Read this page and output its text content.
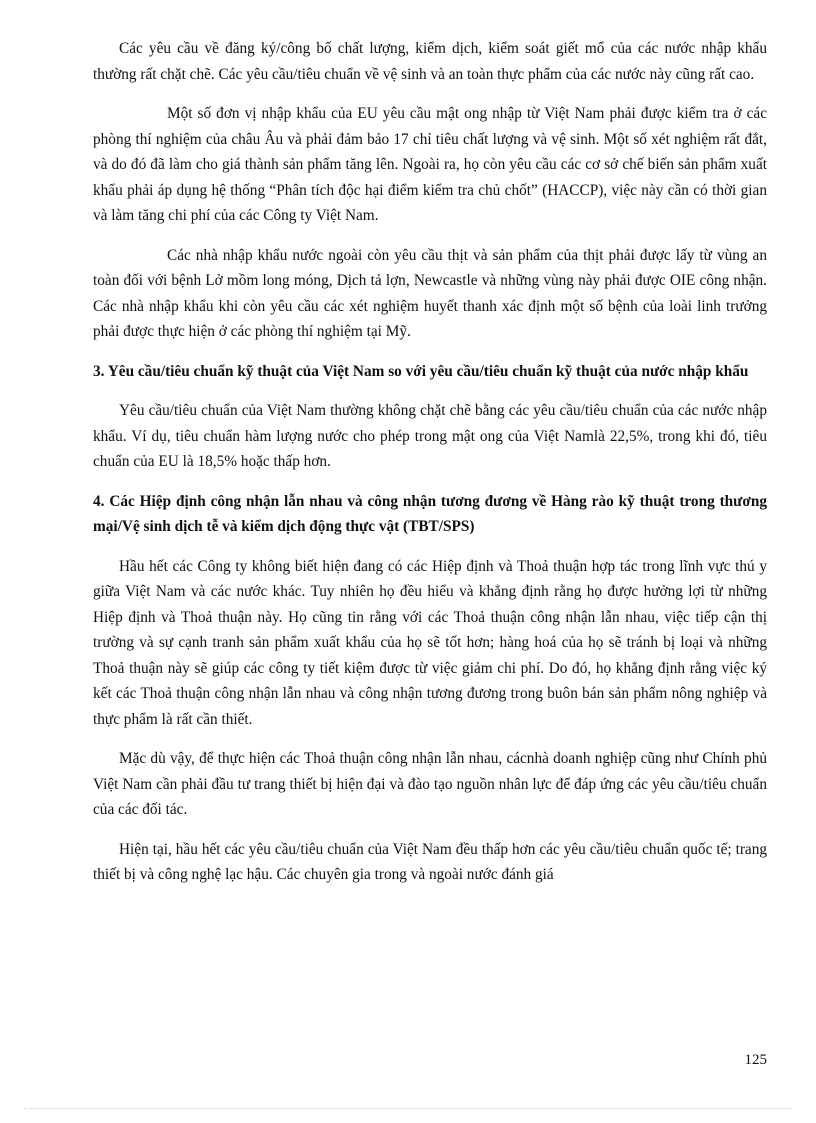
Các yêu cầu về đăng ký/công bố chất lượng, kiểm dịch, kiểm soát giết mổ của các nước nhập khẩu thường rất chặt chẽ. Các yêu cầu/tiêu chuẩn về vệ sinh và an toàn thực phẩm của các nước này cũng rất cao.

Một số đơn vị nhập khẩu của EU yêu cầu mật ong nhập từ Việt Nam phải được kiểm tra ở các phòng thí nghiệm của châu Âu và phải đảm bảo 17 chỉ tiêu chất lượng và vệ sinh. Một số xét nghiệm rất đắt, và do đó đã làm cho giá thành sản phẩm tăng lên. Ngoài ra, họ còn yêu cầu các cơ sở chế biến sản phẩm xuất khẩu phải áp dụng hệ thống “Phân tích độc hại điểm kiểm tra chủ chốt” (HACCP), việc này cần có thời gian và làm tăng chi phí của các Công ty Việt Nam.

Các nhà nhập khẩu nước ngoài còn yêu cầu thịt và sản phẩm của thịt phải được lấy từ vùng an toàn đối với bệnh Lở mồm long móng, Dịch tả lợn, Newcastle và những vùng này phải được OIE công nhận. Các nhà nhập khẩu khi còn yêu cầu các xét nghiệm huyết thanh xác định một số bệnh của loài linh trưởng phải được thực hiện ở các phòng thí nghiệm tại Mỹ.

3. Yêu cầu/tiêu chuẩn kỹ thuật của Việt Nam so với yêu cầu/tiêu chuẩn kỹ thuật của nước nhập khẩu

Yêu cầu/tiêu chuẩn của Việt Nam thường không chặt chẽ bằng các yêu cầu/tiêu chuẩn của các nước nhập khẩu. Ví dụ, tiêu chuẩn hàm lượng nước cho phép trong mật ong của Việt Namlà 22,5%, trong khi đó, tiêu chuẩn của EU là 18,5% hoặc thấp hơn.

4. Các Hiệp định công nhận lẫn nhau và công nhận tương đương về Hàng rào kỹ thuật trong thương mại/Vệ sinh dịch tễ và kiểm dịch động thực vật (TBT/SPS)

Hầu hết các Công ty không biết hiện đang có các Hiệp định và Thoả thuận hợp tác trong lĩnh vực thú y giữa Việt Nam và các nước khác. Tuy nhiên họ đều hiểu và khẳng định rằng họ được hưởng lợi từ những Hiệp định và Thoả thuận này. Họ cũng tin rằng với các Thoả thuận công nhận lẫn nhau, việc tiếp cận thị trường và sự cạnh tranh sản phẩm xuất khẩu của họ sẽ tốt hơn; hàng hoá của họ sẽ tránh bị loại và những Thoả thuận này sẽ giúp các công ty tiết kiệm được từ việc giảm chi phí. Do đó, họ khẳng định rằng việc ký kết các Thoả thuận công nhận lẫn nhau và công nhận tương đương trong buôn bán sản phẩm nông nghiệp và thực phẩm là rất cần thiết.

Mặc dù vậy, để thực hiện các Thoả thuận công nhận lẫn nhau, cácnhà doanh nghiệp cũng như Chính phủ Việt Nam cần phải đầu tư trang thiết bị hiện đại và đào tạo nguồn nhân lực để đáp ứng các yêu cầu/tiêu chuẩn của các đối tác.

Hiện tại, hầu hết các yêu cầu/tiêu chuẩn của Việt Nam đều thấp hơn các yêu cầu/tiêu chuẩn quốc tế; trang thiết bị và công nghệ lạc hậu. Các chuyên gia trong và ngoài nước đánh giá

125
